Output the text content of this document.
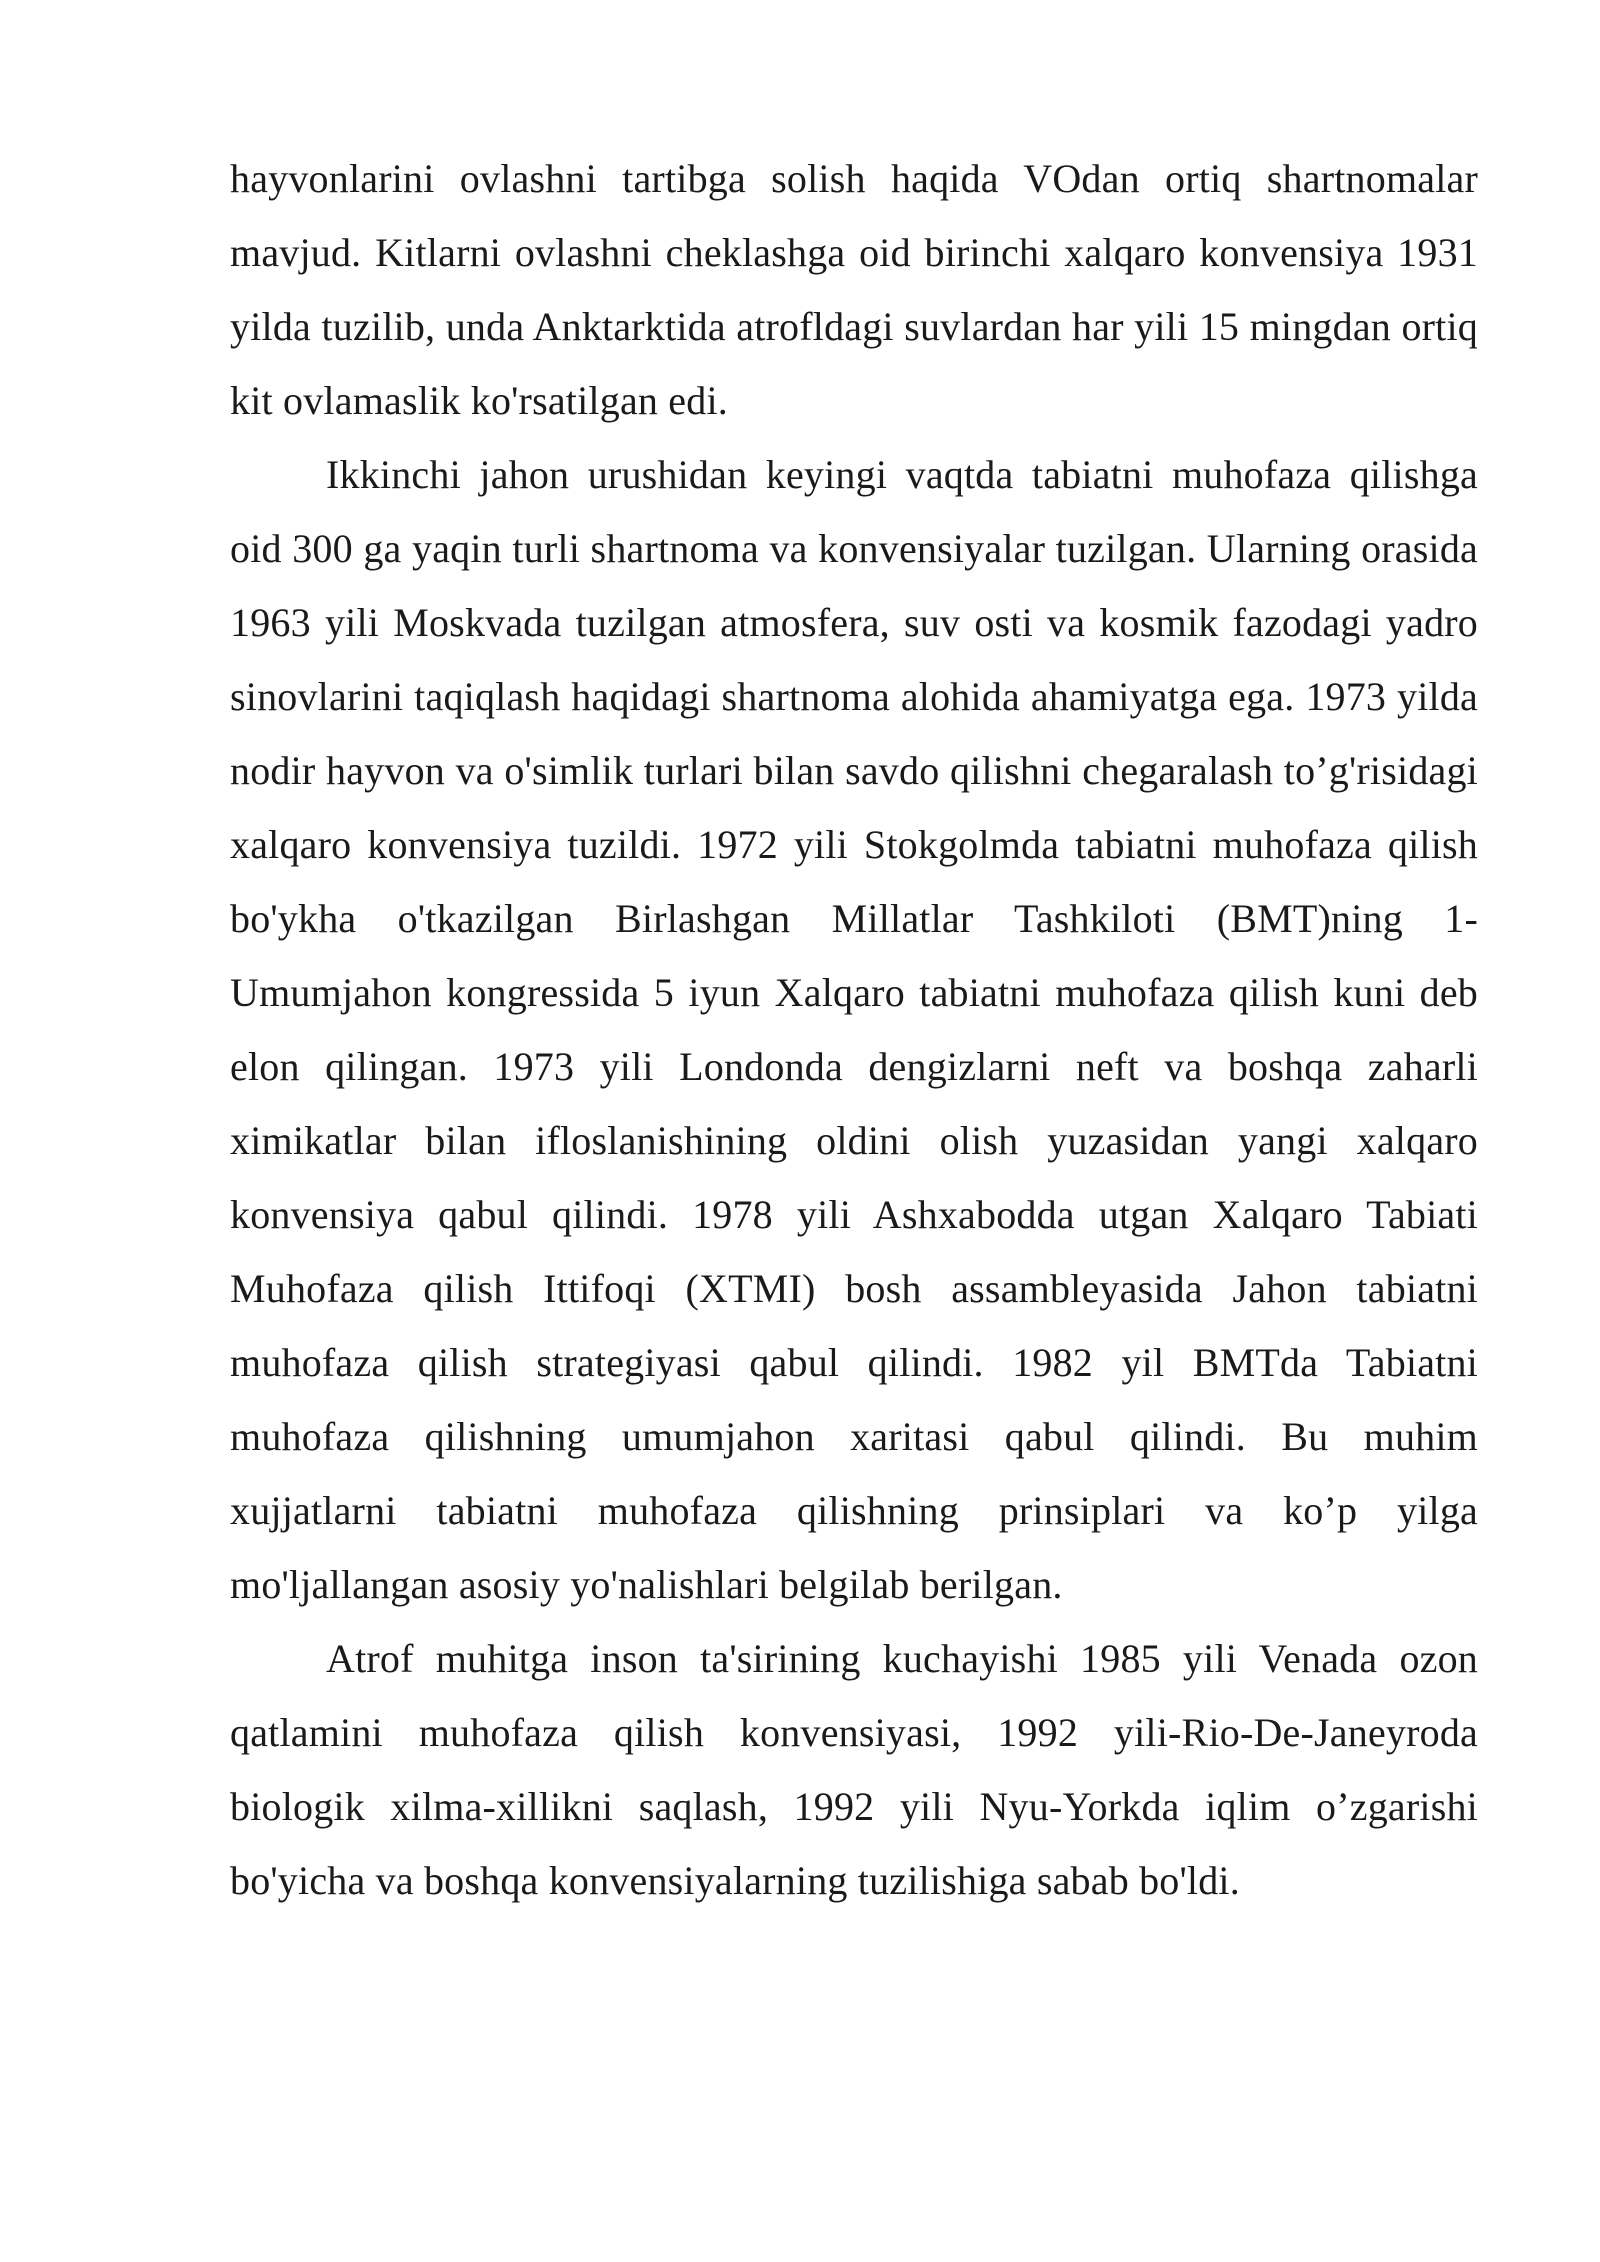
hayvonlarini ovlashni tartibga solish haqida VOdan ortiq shartnomalar mavjud. Kitlarni ovlashni cheklashga oid birinchi xalqaro konvensiya 1931 yilda tuzilib, unda Anktarktida atrofldagi suvlardan har yili 15 mingdan ortiq kit ovlamaslik ko'rsatilgan edi.

Ikkinchi jahon urushidan keyingi vaqtda tabiatni muhofaza qilishga oid 300 ga yaqin turli shartnoma va konvensiyalar tuzilgan. Ularning orasida 1963 yili Moskvada tuzilgan atmosfera, suv osti va kosmik fazodagi yadro sinovlarini taqiqlash haqidagi shartnoma alohida ahamiyatga ega. 1973 yilda nodir hayvon va o'simlik turlari bilan savdo qilishni chegaralash to’g'risidagi xalqaro konvensiya tuzildi. 1972 yili Stokgolmda tabiatni muhofaza qilish bo'ykha o'tkazilgan Birlashgan Millatlar Tashkiloti (BMT)ning 1-Umumjahon kongressida 5 iyun Xalqaro tabiatni muhofaza qilish kuni deb elon qilingan. 1973 yili Londonda dengizlarni neft va boshqa zaharli ximikatlar bilan ifloslanishining oldini olish yuzasidan yangi xalqaro konvensiya qabul qilindi. 1978 yili Ashxabodda utgan Xalqaro Tabiati Muhofaza qilish Ittifoqi (XTMI) bosh assambleyasida Jahon tabiatni muhofaza qilish strategiyasi qabul qilindi. 1982 yil BMTda Tabiatni muhofaza qilishning umumjahon xaritasi qabul qilindi. Bu muhim xujjatlarni tabiatni muhofaza qilishning prinsiplari va ko’p yilga mo'ljallangan asosiy yo'nalishlari belgilab berilgan.

Atrof muhitga inson ta'sirining kuchayishi 1985 yili Venada ozon qatlamini muhofaza qilish konvensiyasi, 1992 yili-Rio-De-Janeyroda biologik xilma-xillikni saqlash, 1992 yili Nyu-Yorkda iqlim o’zgarishi bo'yicha va boshqa konvensiyalarning tuzilishiga sabab bo'ldi.
